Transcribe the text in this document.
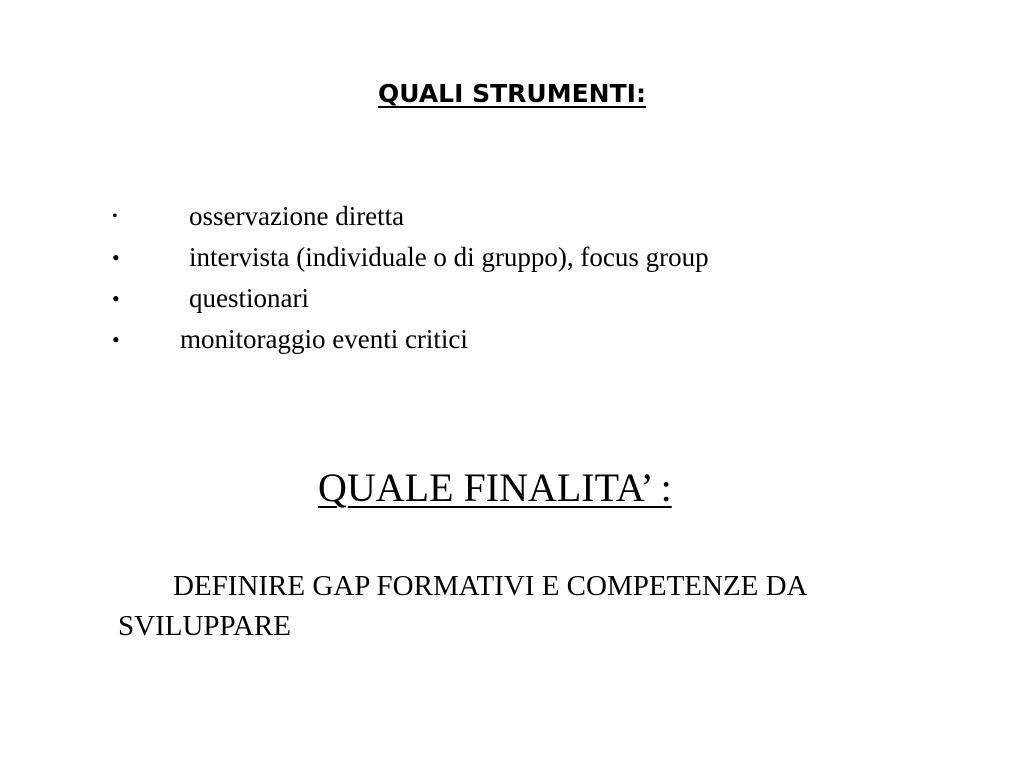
QUALI STRUMENTI:
•	osservazione diretta
•	intervista (individuale o di gruppo), focus group
•	questionari
• monitoraggio eventi critici
QUALE FINALITA’ :

DEFINIRE GAP FORMATIVI E COMPETENZE DA SVILUPPARE
